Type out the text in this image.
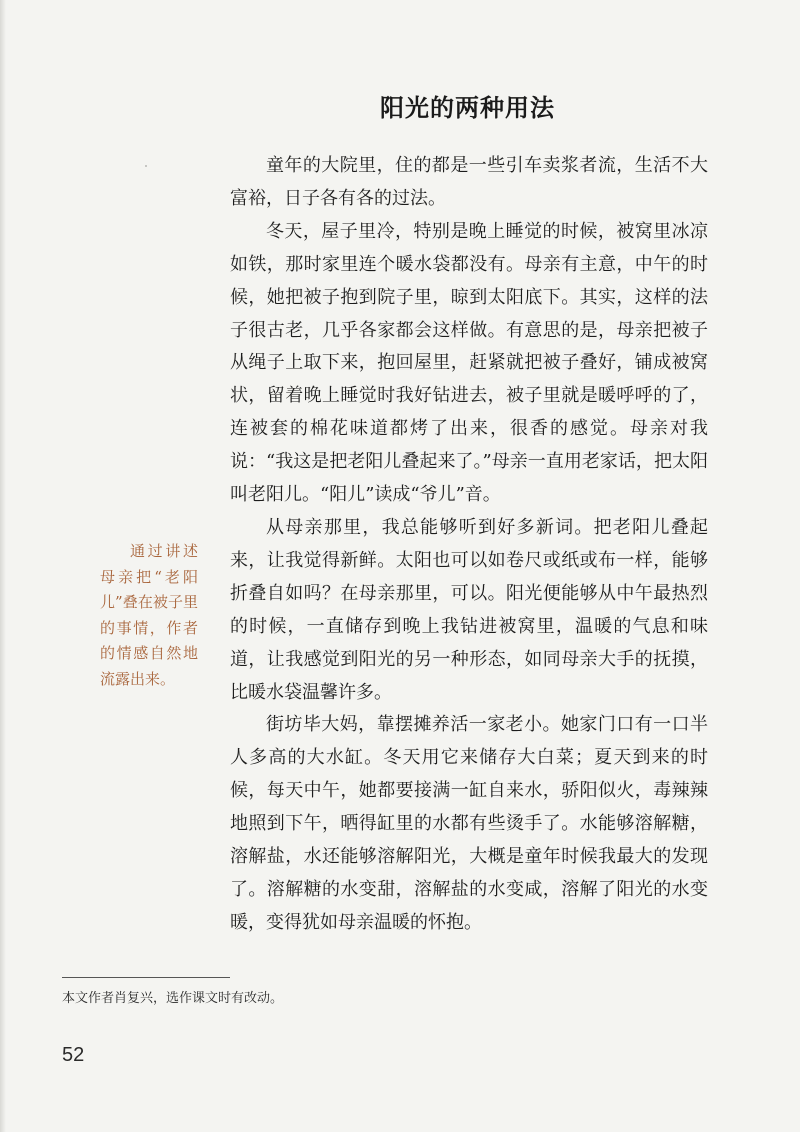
阳光的两种用法

童年的大院里，住的都是一些引车卖浆者流，生活不大富裕，日子各有各的过法。

冬天，屋子里冷，特别是晚上睡觉的时候，被窝里冰凉如铁，那时家里连个暖水袋都没有。母亲有主意，中午的时候，她把被子抱到院子里，晾到太阳底下。其实，这样的法子很古老，几乎各家都会这样做。有意思的是，母亲把被子从绳子上取下来，抱回屋里，赶紧就把被子叠好，铺成被窝状，留着晚上睡觉时我好钻进去，被子里就是暖呼呼的了，连被套的棉花味道都烤了出来，很香的感觉。母亲对我说：“我这是把老阳儿叠起来了。”母亲一直用老家话，把太阳叫老阳儿。“阳儿”读成“爷儿”音。

从母亲那里，我总能够听到好多新词。把老阳儿叠起来，让我觉得新鲜。太阳也可以如卷尺或纸或布一样，能够折叠自如吗？在母亲那里，可以。阳光便能够从中午最热烈的时候，一直储存到晚上我钻进被窝里，温暖的气息和味道，让我感觉到阳光的另一种形态，如同母亲大手的抚摸，比暖水袋温馨许多。

街坊毕大妈，靠摆摊养活一家老小。她家门口有一口半人多高的大水缸。冬天用它来储存大白菜；夏天到来的时候，每天中午，她都要接满一缸自来水，骄阳似火，毒辣辣地照到下午，晒得缸里的水都有些烫手了。水能够溶解糖，溶解盐，水还能够溶解阳光，大概是童年时候我最大的发现了。溶解糖的水变甜，溶解盐的水变咸，溶解了阳光的水变暖，变得犹如母亲温暖的怀抱。

通过讲述母亲把“老阳儿”叠在被子里的事情，作者的情感自然地流露出来。

本文作者肖复兴，选作课文时有改动。
52
